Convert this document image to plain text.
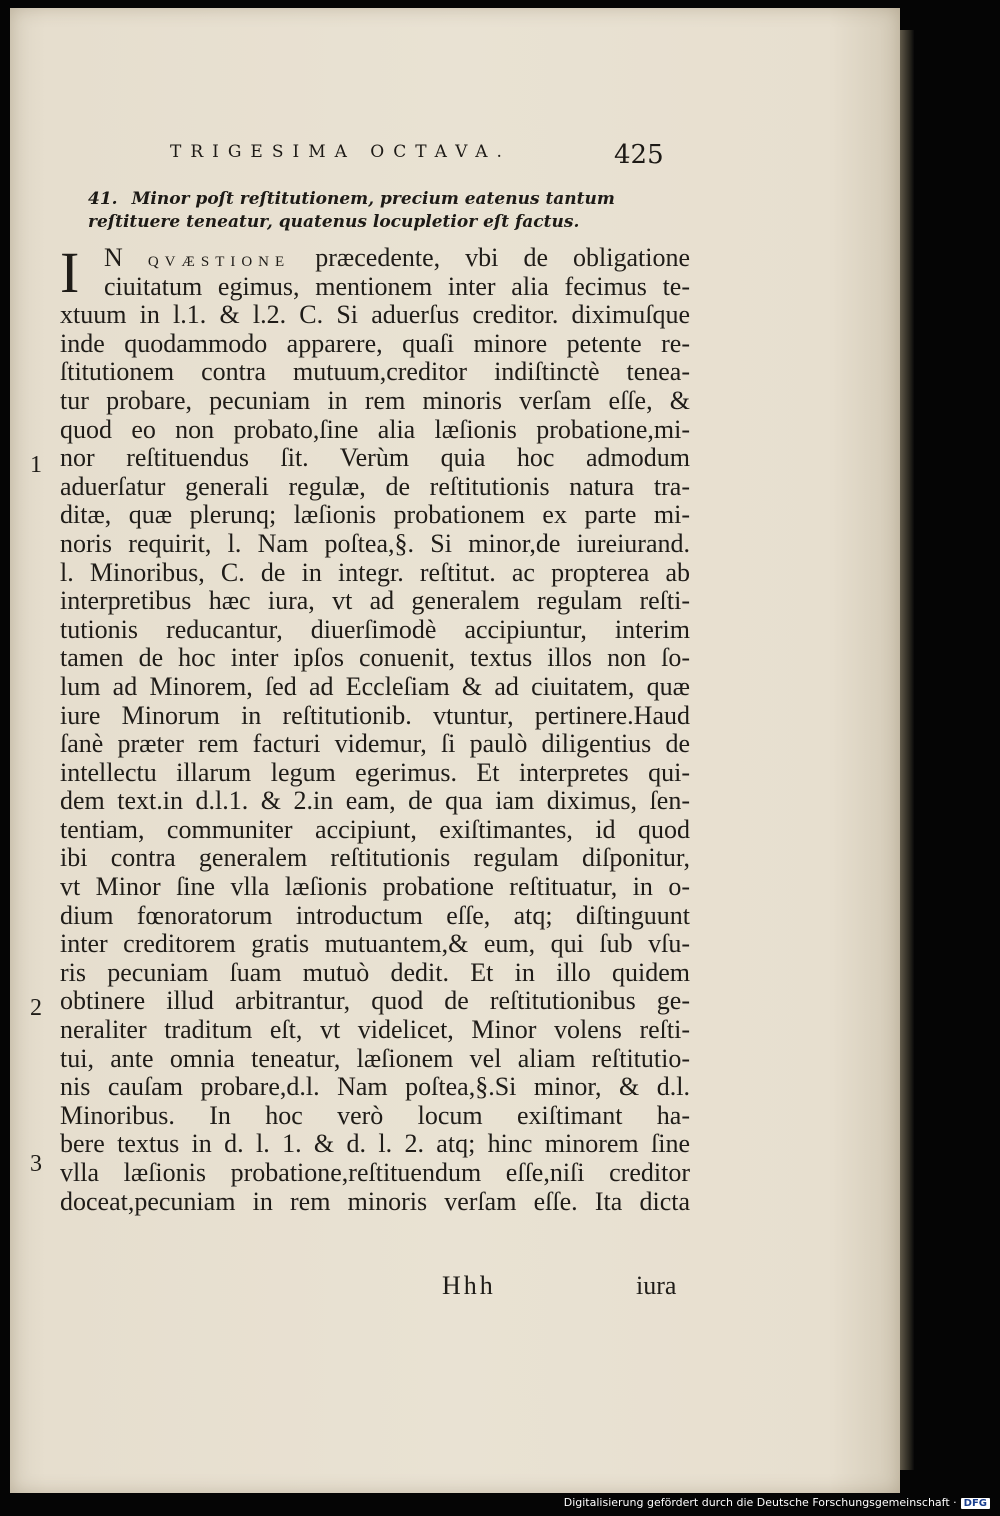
TRIGESIMA OCTAVA.	425
41. Minor poſt reſtitutionem, precium eatenus tantum reſtituere teneatur, quatenus locupletior eſt factus.
I N QVÆSTIONE præcedente, vbi de obligatione
ciuitatum egimus, mentionem inter alia fecimus te-
xtuum in l.1. & l.2. C. Si aduerſus creditor. diximuſque
inde quodammodo apparere, quaſi minore petente re-
ſtitutionem contra mutuum,creditor indiſtinctè tenea-
tur probare, pecuniam in rem minoris verſam eſſe, &
quod eo non probato,ſine alia læſionis probatione,mi-
nor reſtituendus ſit. Verùm quia hoc admodum
aduerſatur generali regulæ, de reſtitutionis natura tra-
ditæ, quæ plerunq; læſionis probationem ex parte mi-
noris requirit, l. Nam poſtea,§. Si minor,de iureiurand.
l. Minoribus, C. de in integr. reſtitut. ac propterea ab
interpretibus hæc iura, vt ad generalem regulam reſti-
tutionis reducantur, diuerſimodè accipiuntur, interim
tamen de hoc inter ipſos conuenit, textus illos non ſo-
lum ad Minorem, ſed ad Eccleſiam & ad ciuitatem, quæ
iure Minorum in reſtitutionib. vtuntur, pertinere.Haud
ſanè præter rem facturi videmur, ſi paulò diligentius de
intellectu illarum legum egerimus. Et interpretes qui-
dem text.in d.l.1. & 2.in eam, de qua iam diximus, ſen-
tentiam, communiter accipiunt, exiſtimantes, id quod
ibi contra generalem reſtitutionis regulam diſponitur,
vt Minor ſine vlla læſionis probatione reſtituatur, in o-
dium fœnoratorum introductum eſſe, atq; diſtinguunt
inter creditorem gratis mutuantem,& eum, qui ſub vſu-
ris pecuniam ſuam mutuò dedit. Et in illo quidem
obtinere illud arbitrantur, quod de reſtitutionibus ge-
neraliter traditum eſt, vt videlicet, Minor volens reſti-
tui, ante omnia teneatur, læſionem vel aliam reſtitutio-
nis cauſam probare,d.l. Nam poſtea,§.Si minor, & d.l.
Minoribus. In hoc verò locum exiſtimant ha-
bere textus in d. l. 1. & d. l. 2. atq; hinc minorem ſine
vlla læſionis probatione,reſtituendum eſſe,niſi creditor
doceat,pecuniam in rem minoris verſam eſſe. Ita dicta
1
2
3
Hhh	iura
Digitalisierung gefördert durch die Deutsche Forschungsgemeinschaft · DFG
